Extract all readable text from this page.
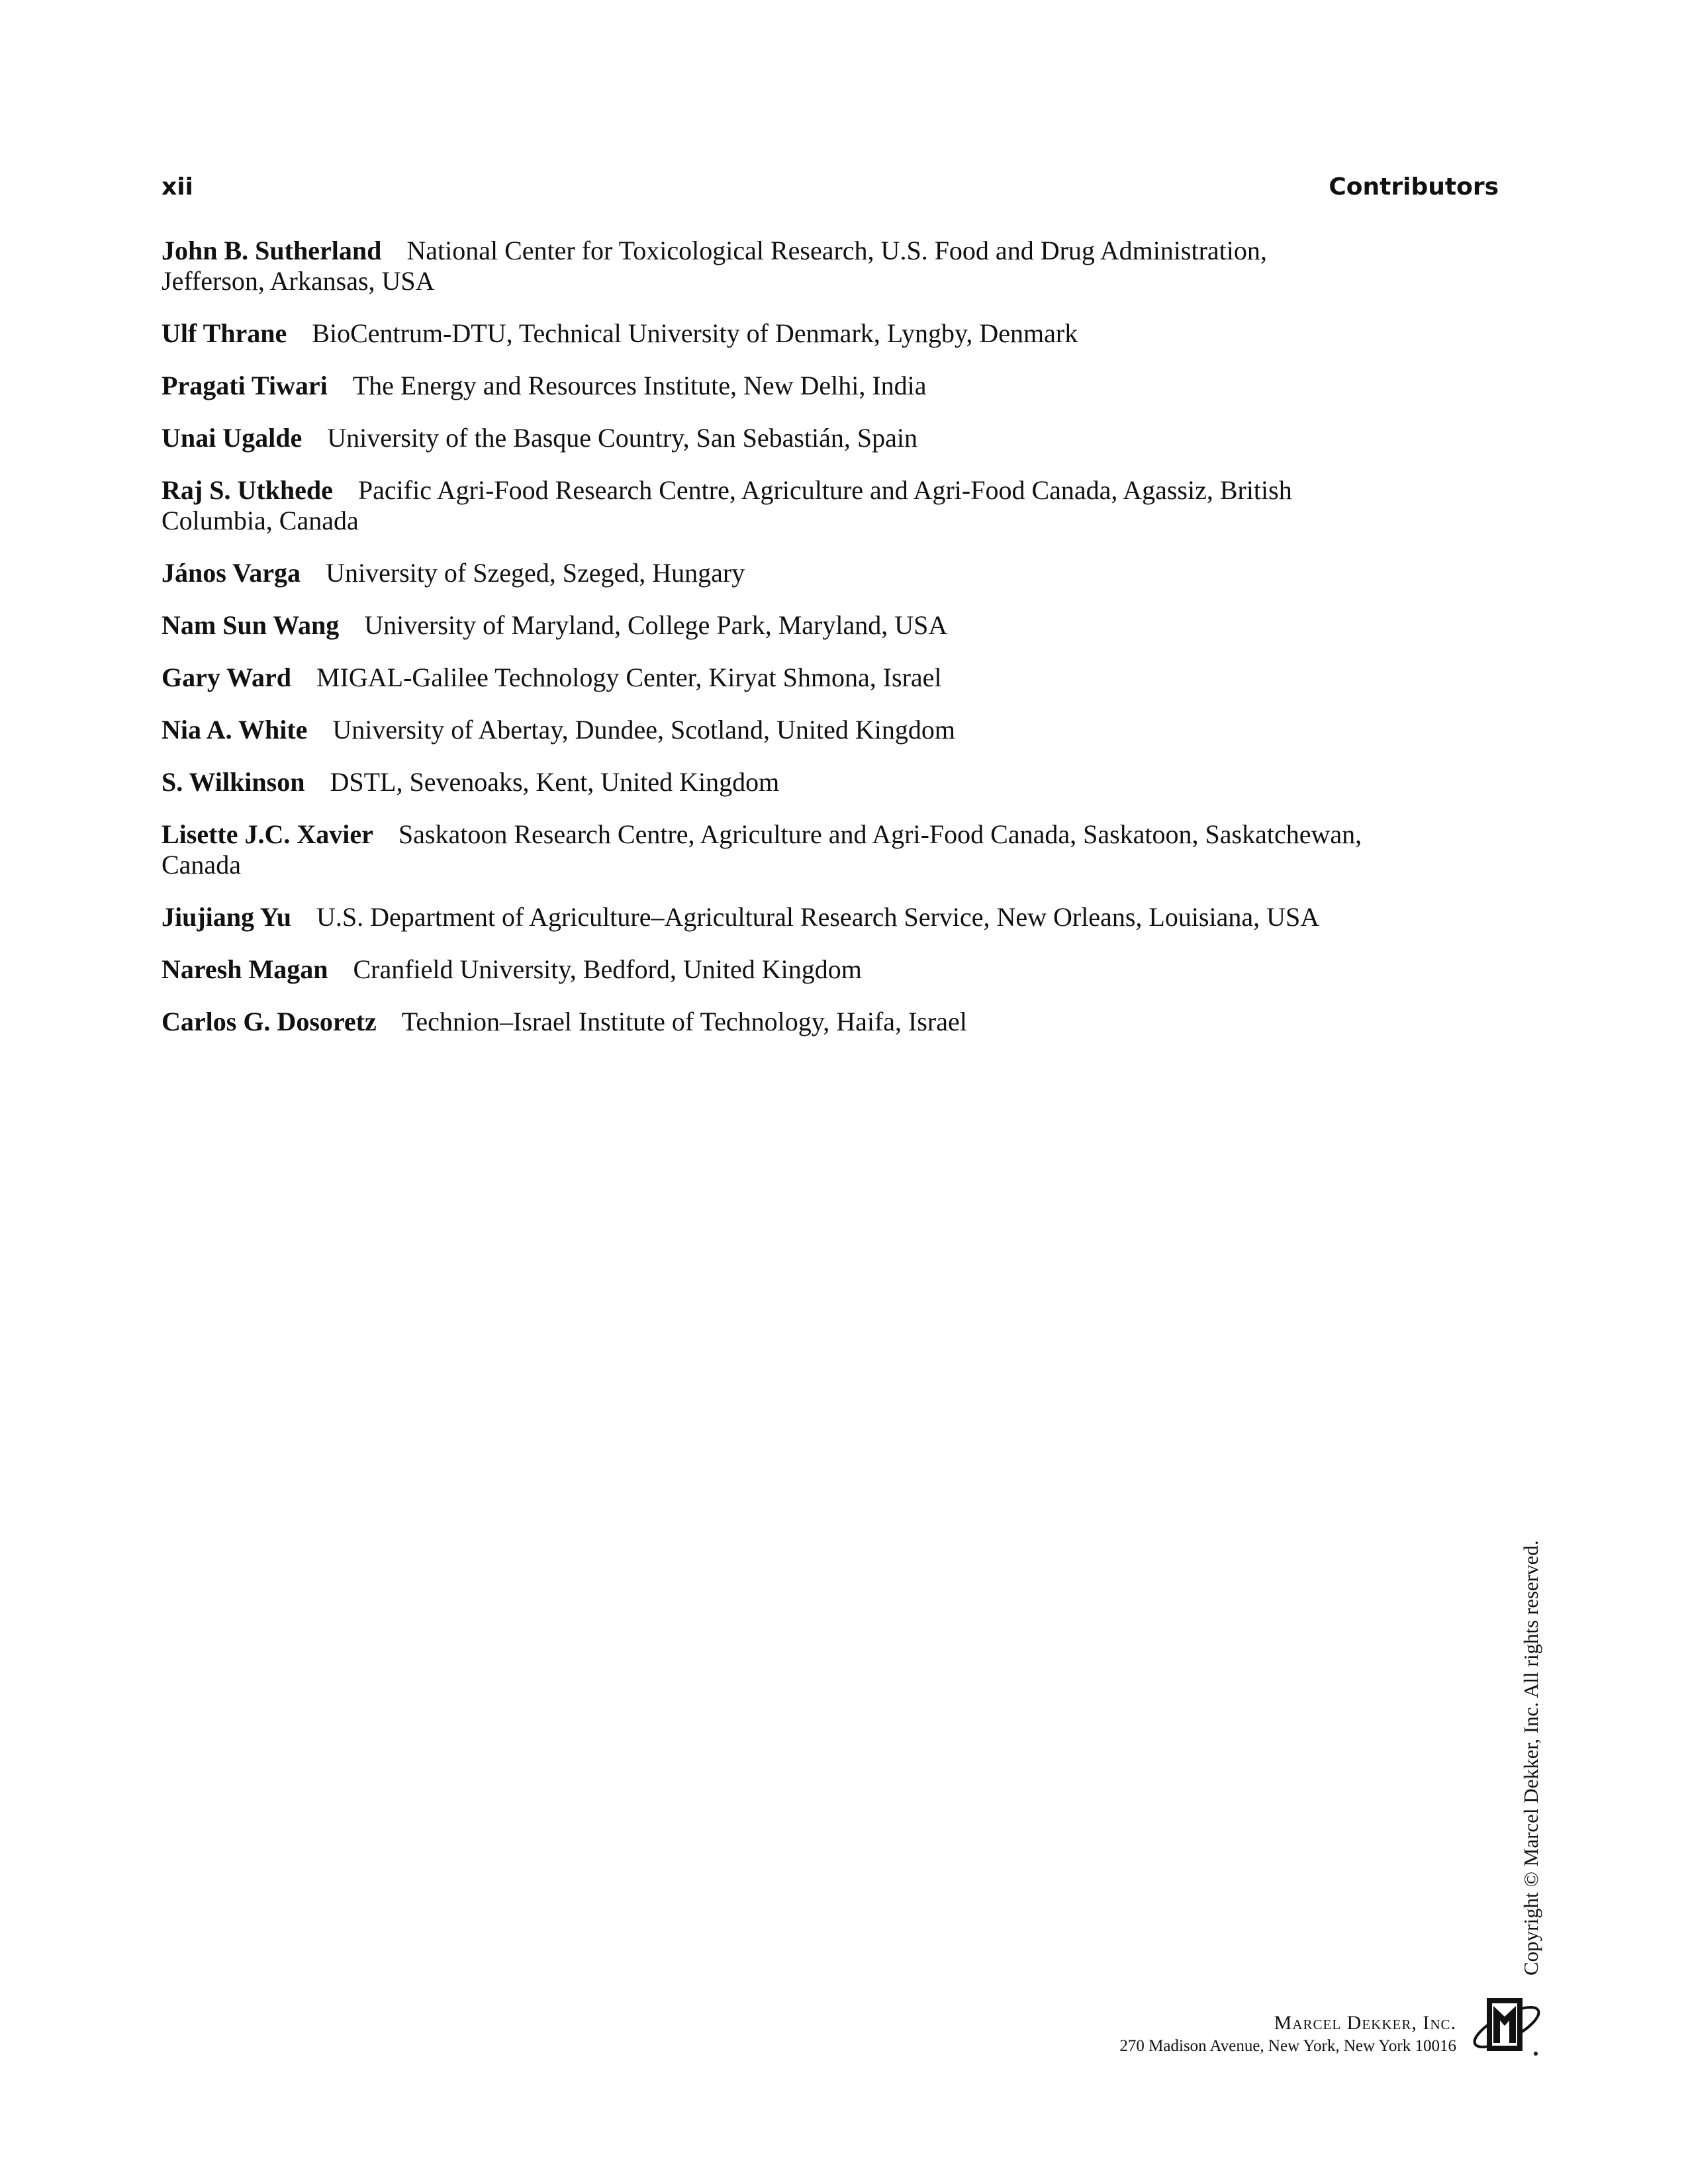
xii	Contributors

John B. Sutherland National Center for Toxicological Research, U.S. Food and Drug Administration, Jefferson, Arkansas, USA

Ulf Thrane BioCentrum-DTU, Technical University of Denmark, Lyngby, Denmark

Pragati Tiwari The Energy and Resources Institute, New Delhi, India

Unai Ugalde University of the Basque Country, San Sebastián, Spain

Raj S. Utkhede Pacific Agri-Food Research Centre, Agriculture and Agri-Food Canada, Agassiz, British Columbia, Canada

János Varga University of Szeged, Szeged, Hungary

Nam Sun Wang University of Maryland, College Park, Maryland, USA

Gary Ward MIGAL-Galilee Technology Center, Kiryat Shmona, Israel

Nia A. White University of Abertay, Dundee, Scotland, United Kingdom

S. Wilkinson DSTL, Sevenoaks, Kent, United Kingdom

Lisette J.C. Xavier Saskatoon Research Centre, Agriculture and Agri-Food Canada, Saskatoon, Saskatchewan, Canada

Jiujiang Yu U.S. Department of Agriculture–Agricultural Research Service, New Orleans, Louisiana, USA

Naresh Magan Cranfield University, Bedford, United Kingdom

Carlos G. Dosoretz Technion–Israel Institute of Technology, Haifa, Israel

Copyright © Marcel Dekker, Inc. All rights reserved.
Marcel Dekker, Inc.
270 Madison Avenue, New York, New York 10016
